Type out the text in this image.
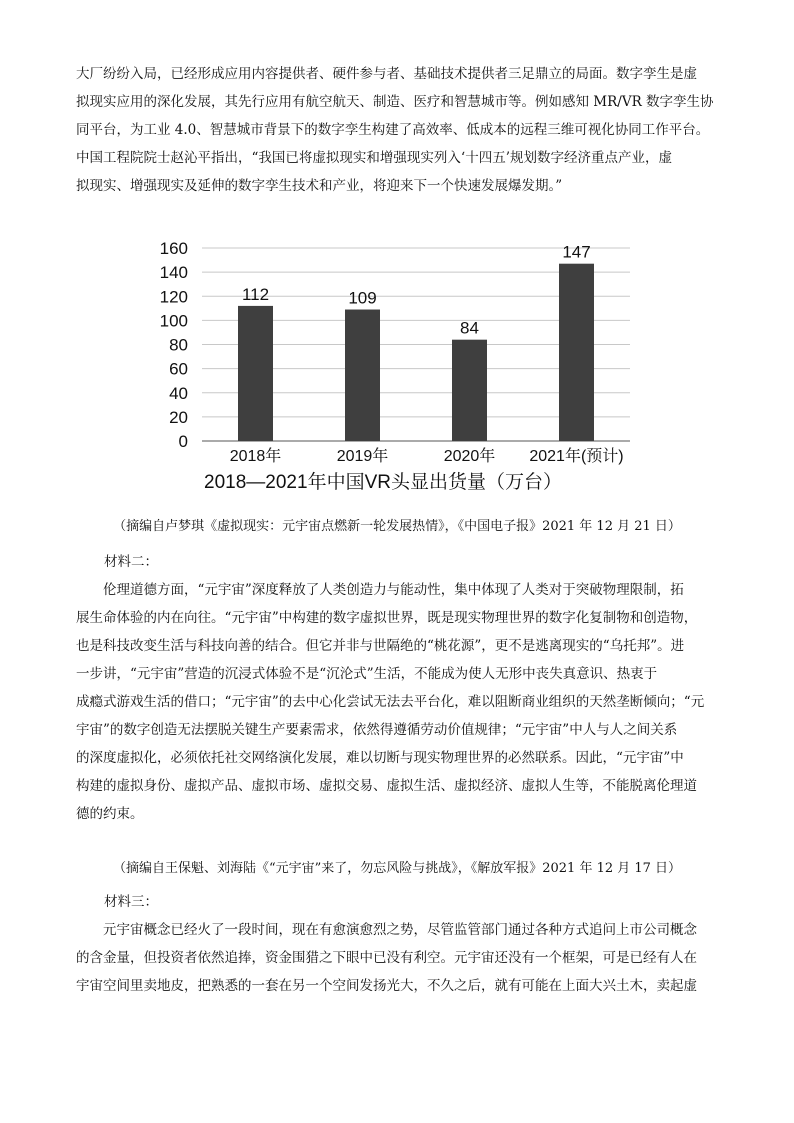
大厂纷纷入局，已经形成应用内容提供者、硬件参与者、基础技术提供者三足鼎立的局面。数字孪生是虚
拟现实应用的深化发展，其先行应用有航空航天、制造、医疗和智慧城市等。例如感知 MR/VR 数字孪生协
同平台，为工业 4.0、智慧城市背景下的数字孪生构建了高效率、低成本的远程三维可视化协同工作平台。
中国工程院院士赵沁平指出，“我国已将虚拟现实和增强现实列入‘十四五’规划数字经济重点产业，虚
拟现实、增强现实及延伸的数字孪生技术和产业，将迎来下一个快速发展爆发期。”
0
20
40
60
80
100
120
140
160
112	109
84
147
2018年	2019年	2020年 2021年(预计)
2018—2021年中国VR头显出货量（万台）
（摘编自卢梦琪《虚拟现实：元宇宙点燃新一轮发展热情》，《中国电子报》2021 年 12 月 21 日）
材料二：
伦理道德方面，“元宇宙”深度释放了人类创造力与能动性，集中体现了人类对于突破物理限制，拓
展生命体验的内在向往。“元宇宙”中构建的数字虚拟世界，既是现实物理世界的数字化复制物和创造物，
也是科技改变生活与科技向善的结合。但它并非与世隔绝的“桃花源”，更不是逃离现实的“乌托邦”。进
一步讲，“元宇宙”营造的沉浸式体验不是“沉沦式”生活，不能成为使人无形中丧失真意识、热衷于
成瘾式游戏生活的借口；“元宇宙”的去中心化尝试无法去平台化，难以阻断商业组织的天然垄断倾向；“元
宇宙”的数字创造无法摆脱关键生产要素需求，依然得遵循劳动价值规律；“元宇宙”中人与人之间关系
的深度虚拟化，必须依托社交网络演化发展，难以切断与现实物理世界的必然联系。因此，“元宇宙”中
构建的虚拟身份、虚拟产品、虚拟市场、虚拟交易、虚拟生活、虚拟经济、虚拟人生等，不能脱离伦理道
德的约束。
（摘编自王保魁、刘海陆《“元宇宙”来了，勿忘风险与挑战》，《解放军报》2021 年 12 月 17 日）
材料三：
元宇宙概念已经火了一段时间，现在有愈演愈烈之势，尽管监管部门通过各种方式追问上市公司概念
的含金量，但投资者依然追捧，资金围猎之下眼中已没有利空。元宇宙还没有一个框架，可是已经有人在
宇宙空间里卖地皮，把熟悉的一套在另一个空间发扬光大，不久之后，就有可能在上面大兴土木，卖起虚
